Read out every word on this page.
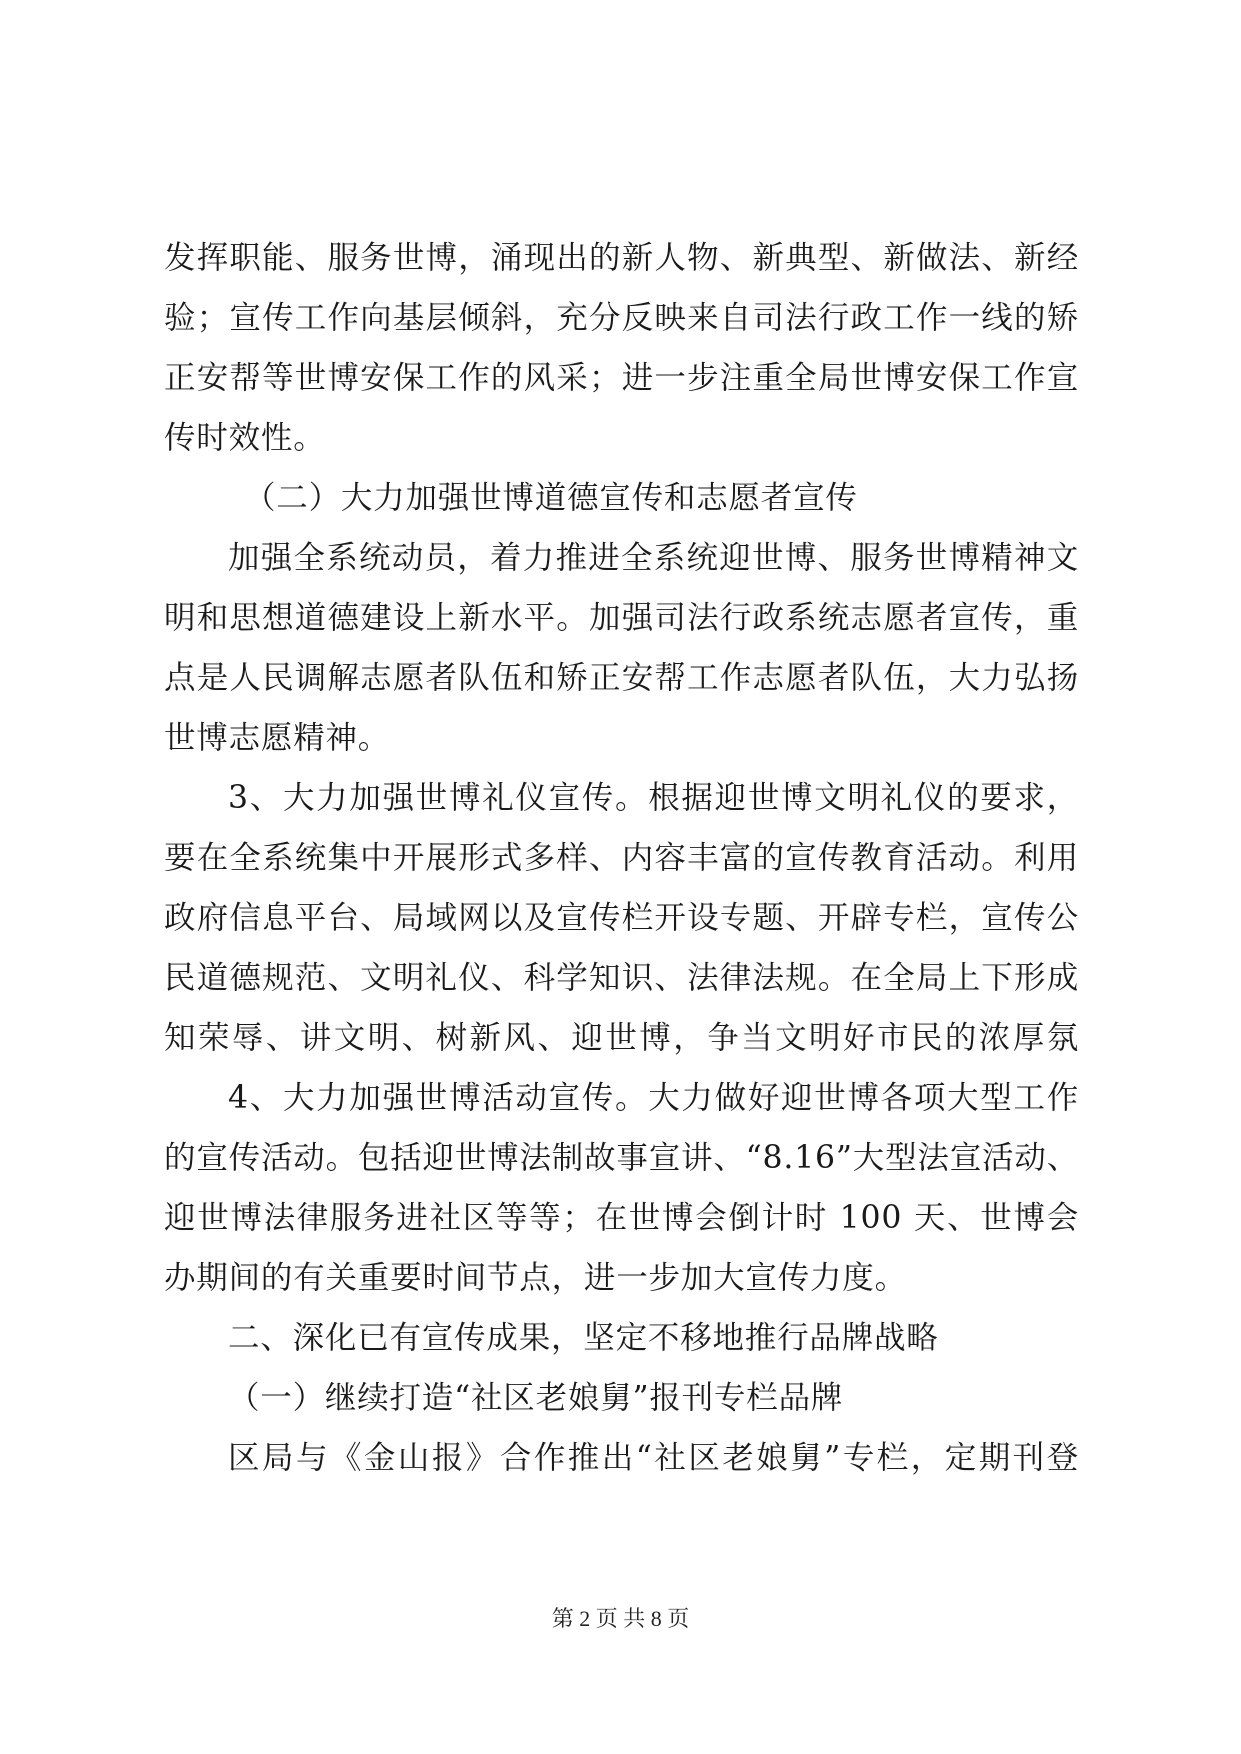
发挥职能、服务世博，涌现出的新人物、新典型、新做法、新经
验；宣传工作向基层倾斜，充分反映来自司法行政工作一线的矫
正安帮等世博安保工作的风采；进一步注重全局世博安保工作宣
传时效性。
（二）大力加强世博道德宣传和志愿者宣传
加强全系统动员，着力推进全系统迎世博、服务世博精神文
明和思想道德建设上新水平。加强司法行政系统志愿者宣传，重
点是人民调解志愿者队伍和矫正安帮工作志愿者队伍，大力弘扬
世博志愿精神。
3、大力加强世博礼仪宣传。根据迎世博文明礼仪的要求，
要在全系统集中开展形式多样、内容丰富的宣传教育活动。利用
政府信息平台、局域网以及宣传栏开设专题、开辟专栏，宣传公
民道德规范、文明礼仪、科学知识、法律法规。在全局上下形成
知荣辱、讲文明、树新风、迎世博，争当文明好市民的浓厚氛
4、大力加强世博活动宣传。大力做好迎世博各项大型工作
的宣传活动。包括迎世博法制故事宣讲、“8.16”大型法宣活动、
迎世博法律服务进社区等等；在世博会倒计时 100 天、世博会
办期间的有关重要时间节点，进一步加大宣传力度。
二、深化已有宣传成果，坚定不移地推行品牌战略
（一）继续打造“社区老娘舅”报刊专栏品牌
区局与《金山报》合作推出“社区老娘舅”专栏，定期刊登
第 2 页 共 8 页
